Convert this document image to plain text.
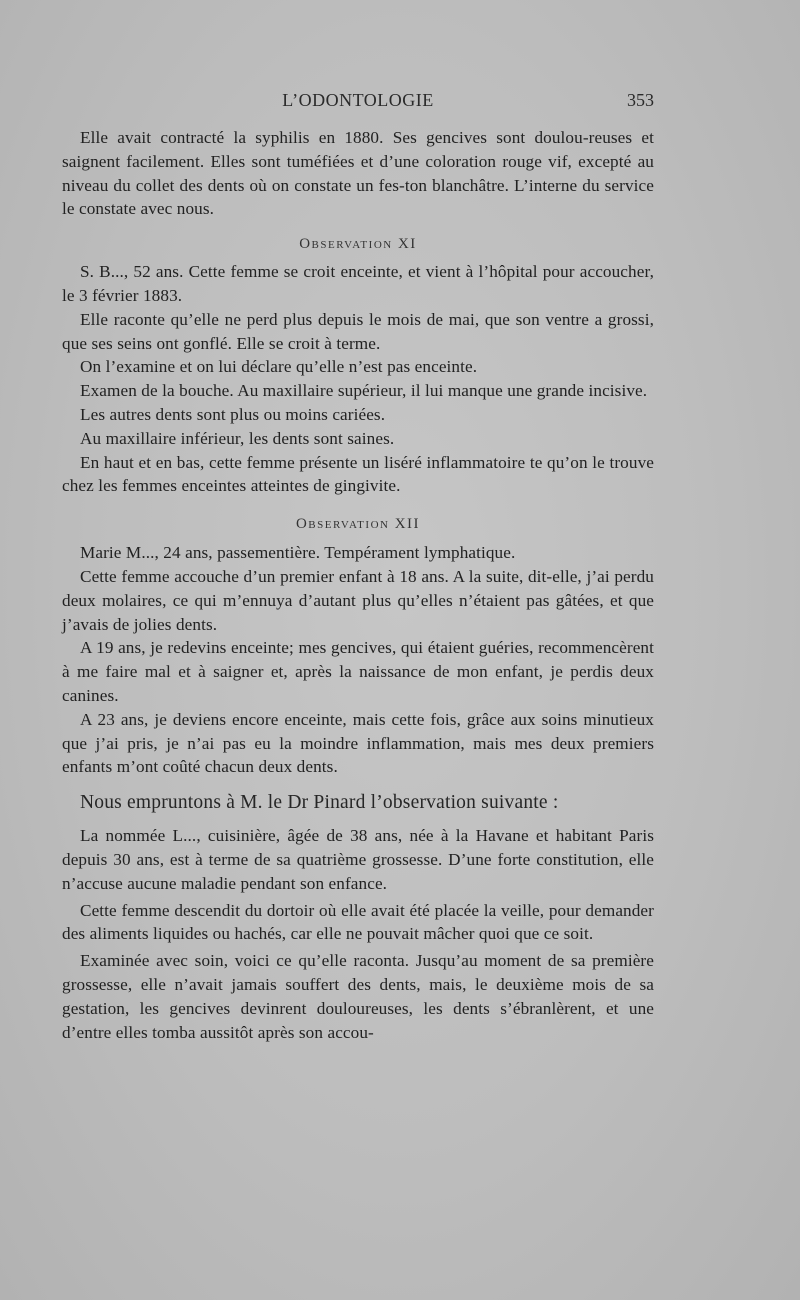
L’ODONTOLOGIE	353

Elle avait contracté la syphilis en 1880. Ses gencives sont doulou-reuses et saignent facilement. Elles sont tuméfiées et d’une coloration rouge vif, excepté au niveau du collet des dents où on constate un fes-ton blanchâtre. L’interne du service le constate avec nous.

Observation XI

S. B..., 52 ans. Cette femme se croit enceinte, et vient à l’hôpital pour accoucher, le 3 février 1883.

Elle raconte qu’elle ne perd plus depuis le mois de mai, que son ventre a grossi, que ses seins ont gonflé. Elle se croit à terme.

On l’examine et on lui déclare qu’elle n’est pas enceinte.

Examen de la bouche. Au maxillaire supérieur, il lui manque une grande incisive.

Les autres dents sont plus ou moins cariées.

Au maxillaire inférieur, les dents sont saines.

En haut et en bas, cette femme présente un liséré inflammatoire te qu’on le trouve chez les femmes enceintes atteintes de gingivite.

Observation XII

Marie M..., 24 ans, passementière. Tempérament lymphatique.

Cette femme accouche d’un premier enfant à 18 ans. A la suite, dit-elle, j’ai perdu deux molaires, ce qui m’ennuya d’autant plus qu’elles n’étaient pas gâtées, et que j’avais de jolies dents.

A 19 ans, je redevins enceinte; mes gencives, qui étaient guéries, recommencèrent à me faire mal et à saigner et, après la naissance de mon enfant, je perdis deux canines.

A 23 ans, je deviens encore enceinte, mais cette fois, grâce aux soins minutieux que j’ai pris, je n’ai pas eu la moindre inflammation, mais mes deux premiers enfants m’ont coûté chacun deux dents.

Nous empruntons à M. le Dr Pinard l’observation suivante :

La nommée L..., cuisinière, âgée de 38 ans, née à la Havane et habitant Paris depuis 30 ans, est à terme de sa quatrième grossesse. D’une forte constitution, elle n’accuse aucune maladie pendant son enfance.

Cette femme descendit du dortoir où elle avait été placée la veille, pour demander des aliments liquides ou hachés, car elle ne pouvait mâcher quoi que ce soit.

Examinée avec soin, voici ce qu’elle raconta. Jusqu’au moment de sa première grossesse, elle n’avait jamais souffert des dents, mais, le deuxième mois de sa gestation, les gencives devinrent douloureuses, les dents s’ébranlèrent, et une d’entre elles tomba aussitôt après son accou-
